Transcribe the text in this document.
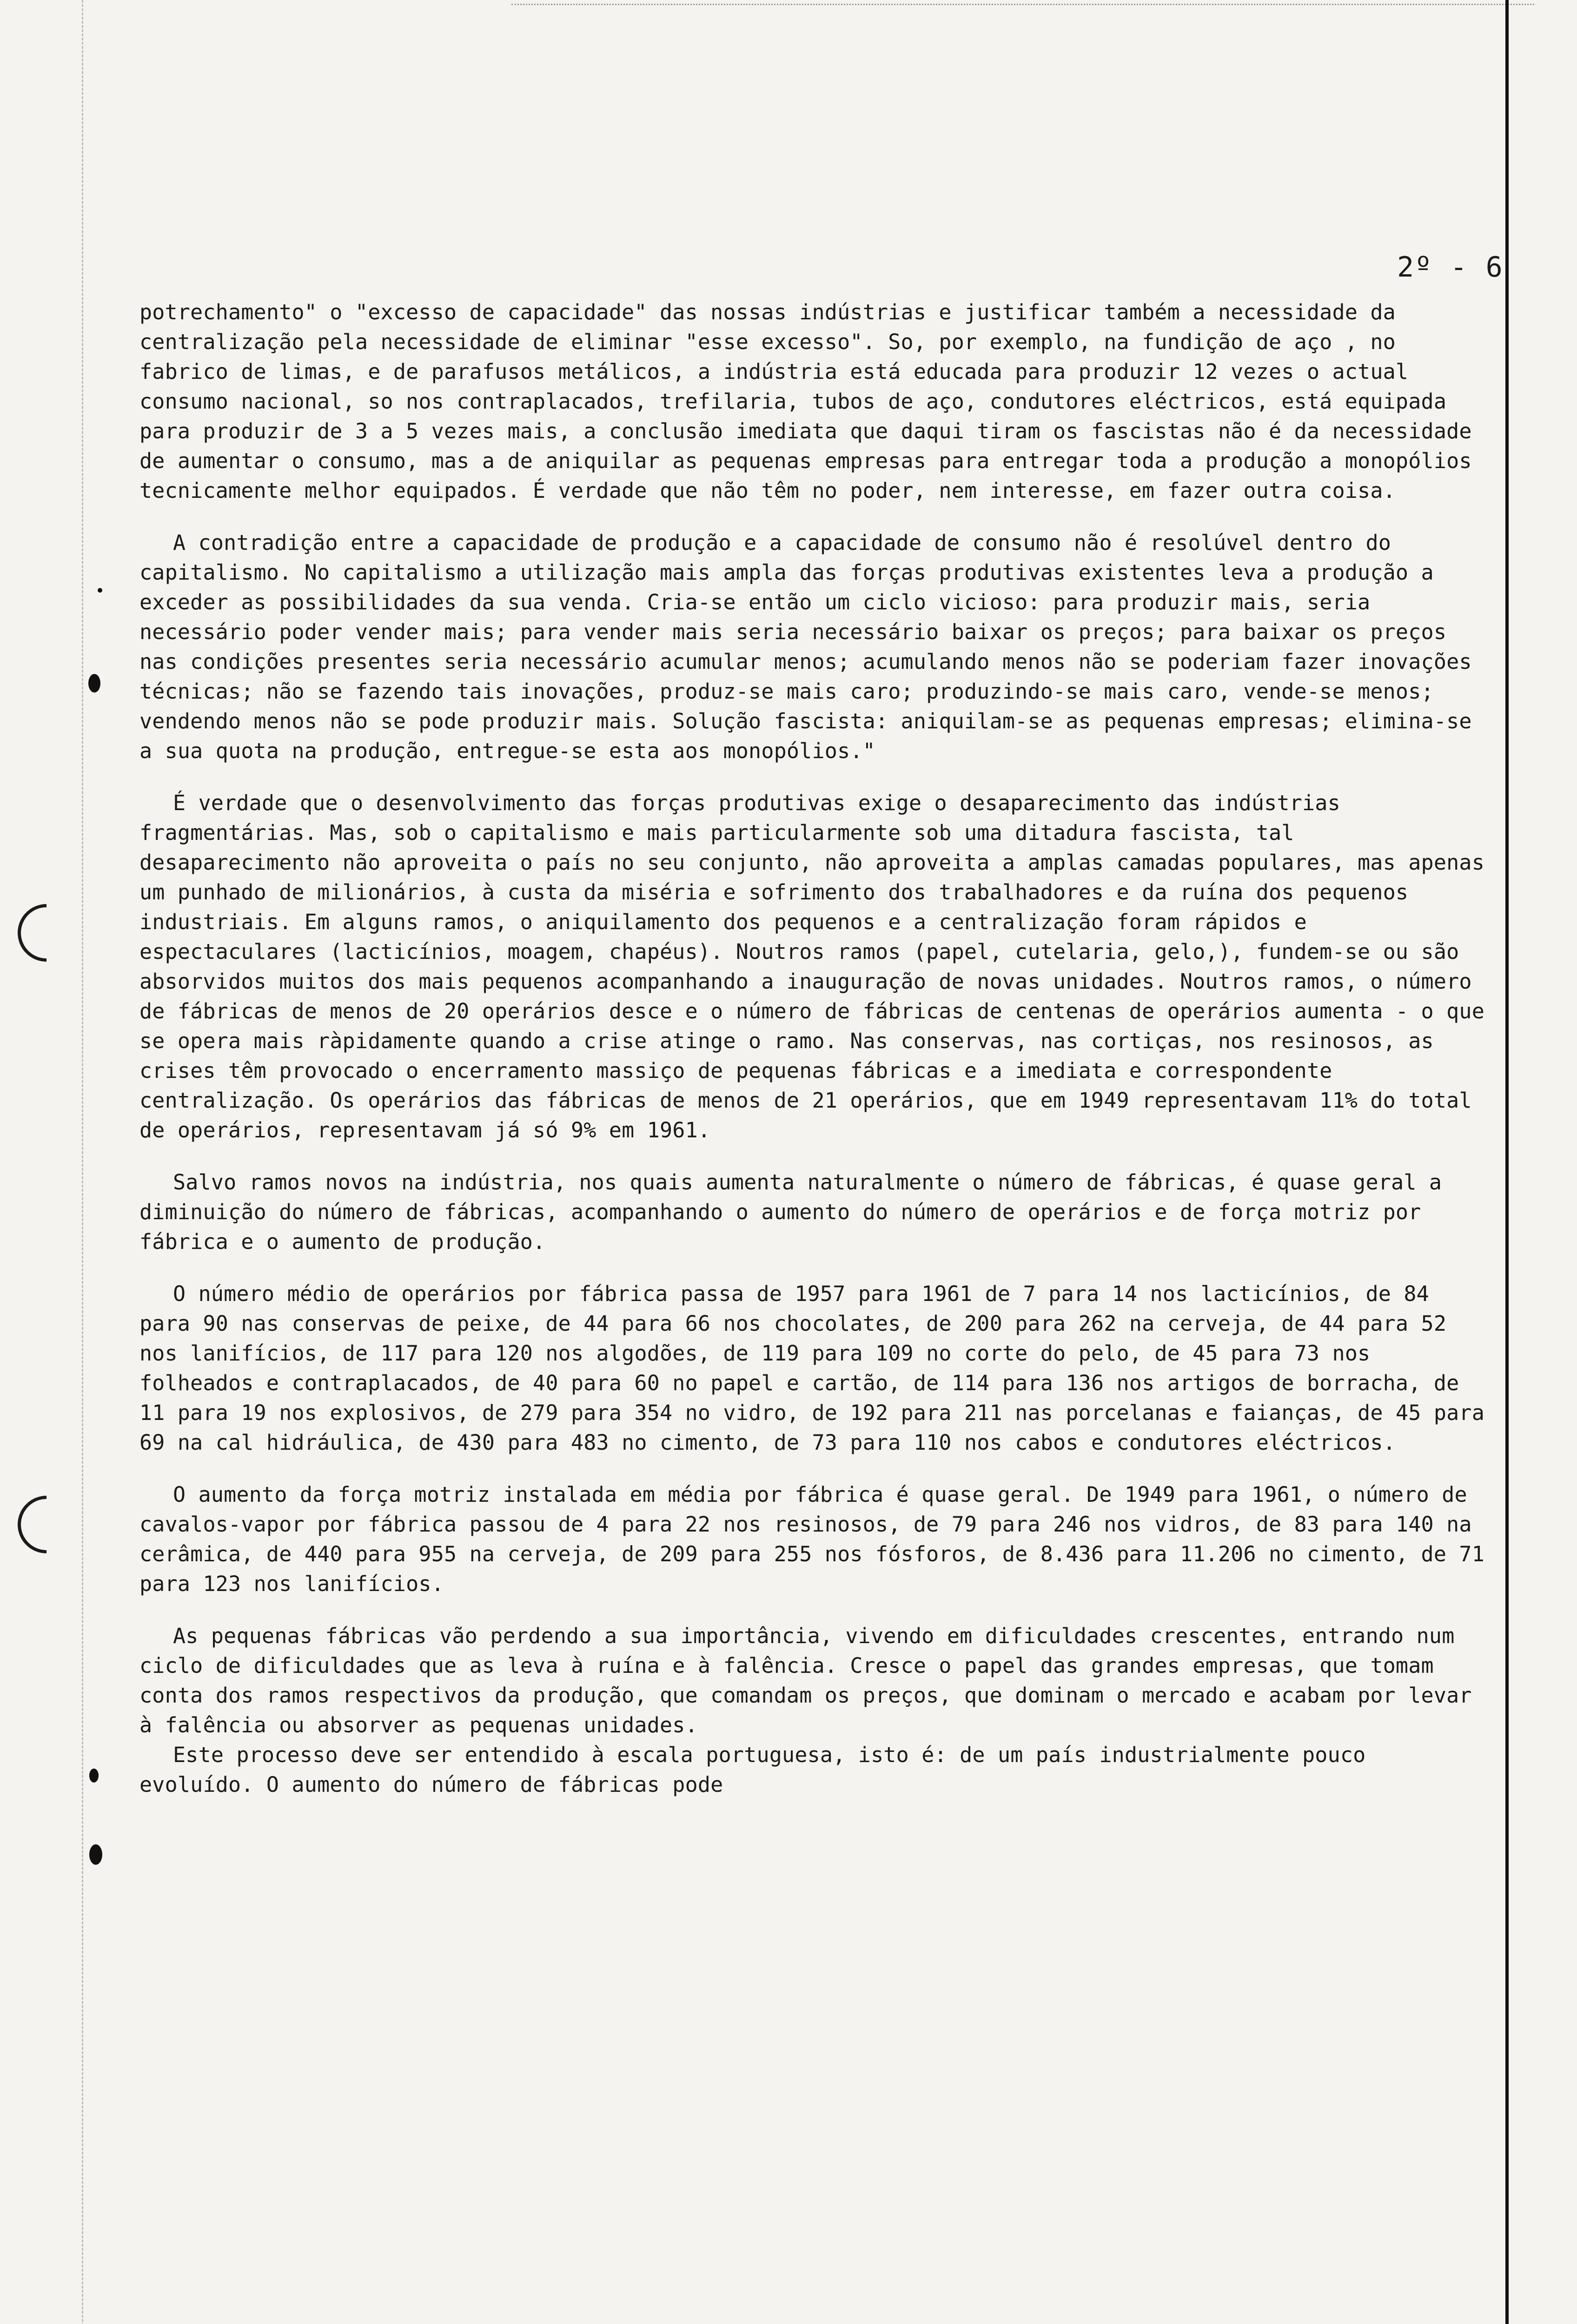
2º - 6

potrechamento" o "excesso de capacidade" das nossas indústrias e justificar também a necessidade da centralização pela necessidade de eliminar "esse excesso". So, por exemplo, na fundição de aço , no fabrico de limas, e de parafusos metálicos, a indústria está educada para produzir 12 vezes o actual consumo nacional, so nos contraplacados, trefilaria, tubos de aço, condutores eléctricos, está equipada para produzir de 3 a 5 vezes mais, a conclusão imediata que daqui tiram os fascistas não é da necessidade de aumentar o consumo, mas a de aniquilar as pequenas empresas para entregar toda a produção a monopólios tecnicamente melhor equipados. É verdade que não têm no poder, nem interesse, em fazer outra coisa.

A contradição entre a capacidade de produção e a capacidade de consumo não é resolúvel dentro do capitalismo. No capitalismo a utilização mais ampla das forças produtivas existentes leva a produção a exceder as possibilidades da sua venda. Cria-se então um ciclo vicioso: para produzir mais, seria necessário poder vender mais; para vender mais seria necessário baixar os preços; para baixar os preços nas condições presentes seria necessário acumular menos; acumulando menos não se poderiam fazer inovações técnicas; não se fazendo tais inovações, produz-se mais caro; produzindo-se mais caro, vende-se menos; vendendo menos não se pode produzir mais. Solução fascista: aniquilam-se as pequenas empresas; elimina-se a sua quota na produção, entregue-se esta aos monopólios."

É verdade que o desenvolvimento das forças produtivas exige o desaparecimento das indústrias fragmentárias. Mas, sob o capitalismo e mais particularmente sob uma ditadura fascista, tal desaparecimento não aproveita o país no seu conjunto, não aproveita a amplas camadas populares, mas apenas um punhado de milionários, à custa da miséria e sofrimento dos trabalhadores e da ruína dos pequenos industriais. Em alguns ramos, o aniquilamento dos pequenos e a centralização foram rápidos e espectaculares (lacticínios, moagem, chapéus). Noutros ramos (papel, cutelaria, gelo,), fundem-se ou são absorvidos muitos dos mais pequenos acompanhando a inauguração de novas unidades. Noutros ramos, o número de fábricas de menos de 20 operários desce e o número de fábricas de centenas de operários aumenta - o que se opera mais ràpidamente quando a crise atinge o ramo. Nas conservas, nas cortiças, nos resinosos, as crises têm provocado o encerramento massiço de pequenas fábricas e a imediata e correspondente centralização. Os operários das fábricas de menos de 21 operários, que em 1949 representavam 11% do total de operários, representavam já só 9% em 1961.

Salvo ramos novos na indústria, nos quais aumenta naturalmente o número de fábricas, é quase geral a diminuição do número de fábricas, acompanhando o aumento do número de operários e de força motriz por fábrica e o aumento de produção.

O número médio de operários por fábrica passa de 1957 para 1961 de 7 para 14 nos lacticínios, de 84 para 90 nas conservas de peixe, de 44 para 66 nos chocolates, de 200 para 262 na cerveja, de 44 para 52 nos lanifícios, de 117 para 120 nos algodões, de 119 para 109 no corte do pelo, de 45 para 73 nos folheados e contraplacados, de 40 para 60 no papel e cartão, de 114 para 136 nos artigos de borracha, de 11 para 19 nos explosivos, de 279 para 354 no vidro, de 192 para 211 nas porcelanas e faianças, de 45 para 69 na cal hidráulica, de 430 para 483 no cimento, de 73 para 110 nos cabos e condutores eléctricos.

O aumento da força motriz instalada em média por fábrica é quase geral. De 1949 para 1961, o número de cavalos-vapor por fábrica passou de 4 para 22 nos resinosos, de 79 para 246 nos vidros, de 83 para 140 na cerâmica, de 440 para 955 na cerveja, de 209 para 255 nos fósforos, de 8.436 para 11.206 no cimento, de 71 para 123 nos lanifícios.

As pequenas fábricas vão perdendo a sua importância, vivendo em dificuldades crescentes, entrando num ciclo de dificuldades que as leva à ruína e à falência. Cresce o papel das grandes empresas, que tomam conta dos ramos respectivos da produção, que comandam os preços, que dominam o mercado e acabam por levar à falência ou absorver as pequenas unidades.

Este processo deve ser entendido à escala portuguesa, isto é: de um país industrialmente pouco evoluído. O aumento do número de fábricas pode
